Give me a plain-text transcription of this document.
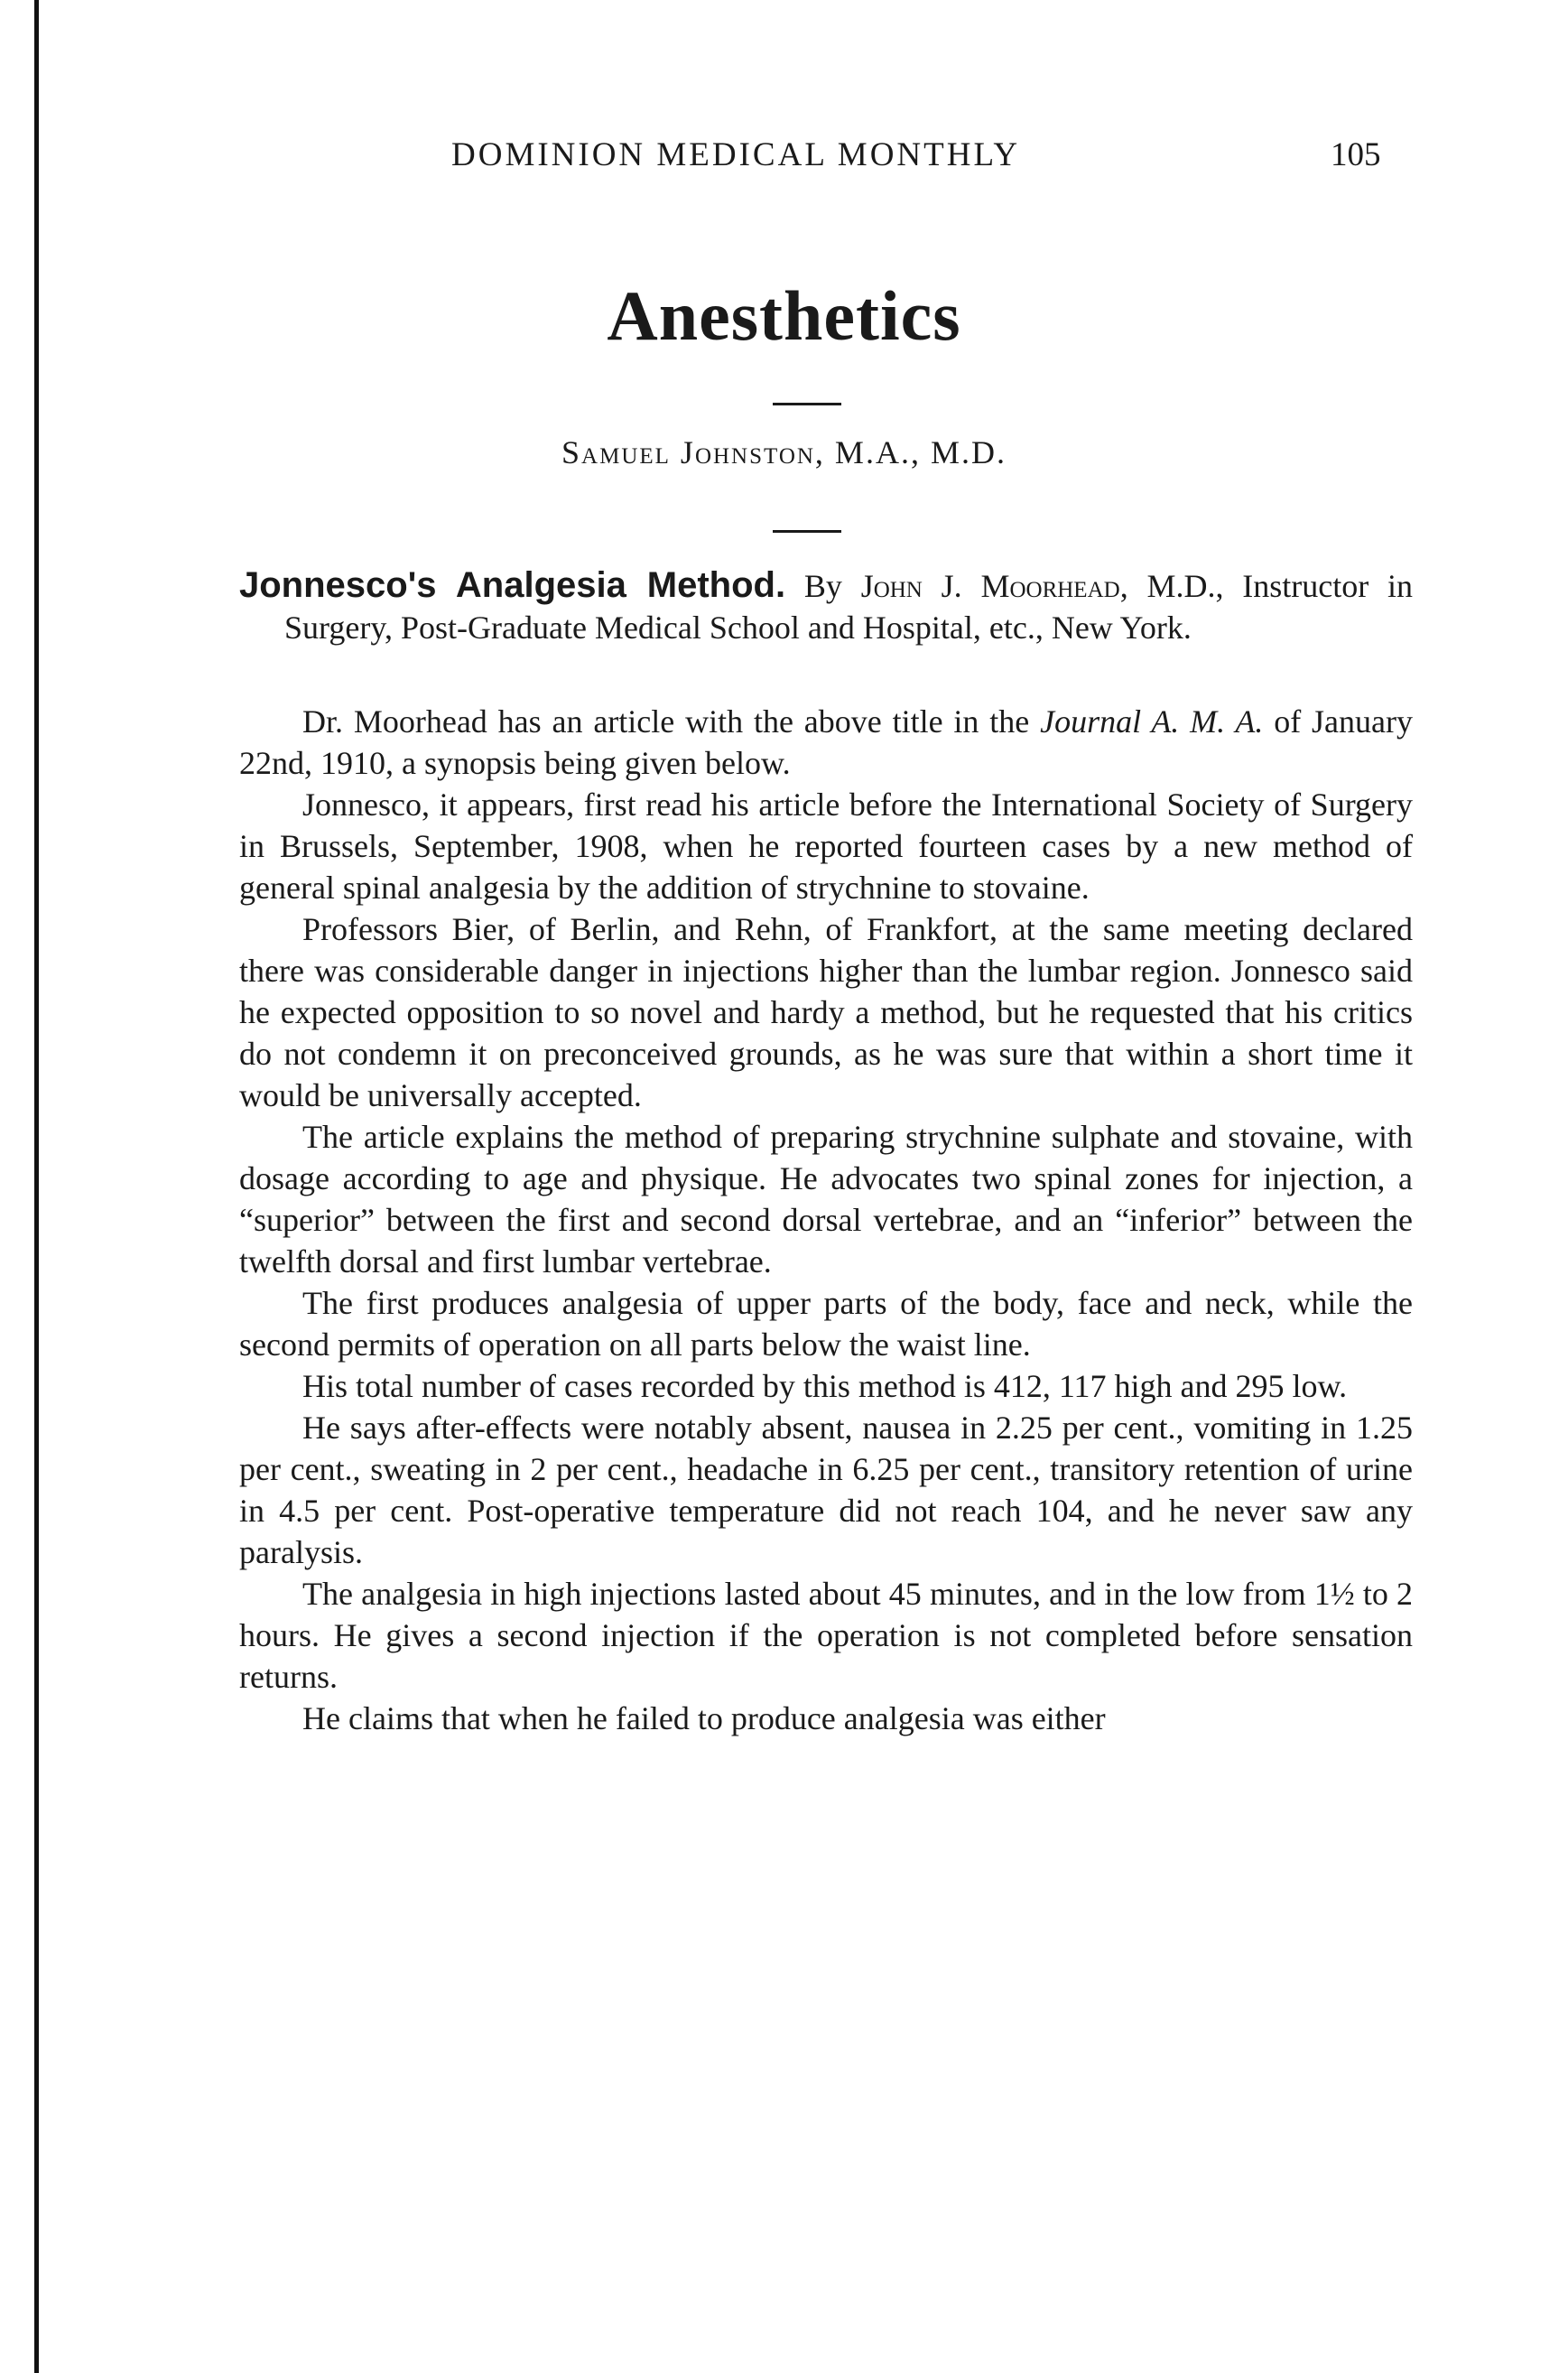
DOMINION MEDICAL MONTHLY	105
Anesthetics
Samuel Johnston, M.A., M.D.

Jonnesco's Analgesia Method. By John J. Moorhead, M.D., Instructor in Surgery, Post-Graduate Medical School and Hospital, etc., New York.

Dr. Moorhead has an article with the above title in the Journal A. M. A. of January 22nd, 1910, a synopsis being given below.

Jonnesco, it appears, first read his article before the International Society of Surgery in Brussels, September, 1908, when he reported fourteen cases by a new method of general spinal analgesia by the addition of strychnine to stovaine.

Professors Bier, of Berlin, and Rehn, of Frankfort, at the same meeting declared there was considerable danger in injections higher than the lumbar region. Jonnesco said he expected opposition to so novel and hardy a method, but he requested that his critics do not condemn it on preconceived grounds, as he was sure that within a short time it would be universally accepted.

The article explains the method of preparing strychnine sulphate and stovaine, with dosage according to age and physique. He advocates two spinal zones for injection, a “superior” between the first and second dorsal vertebrae, and an “inferior” between the twelfth dorsal and first lumbar vertebrae.

The first produces analgesia of upper parts of the body, face and neck, while the second permits of operation on all parts below the waist line.

His total number of cases recorded by this method is 412, 117 high and 295 low.

He says after-effects were notably absent, nausea in 2.25 per cent., vomiting in 1.25 per cent., sweating in 2 per cent., headache in 6.25 per cent., transitory retention of urine in 4.5 per cent. Post-operative temperature did not reach 104, and he never saw any paralysis.

The analgesia in high injections lasted about 45 minutes, and in the low from 1½ to 2 hours. He gives a second injection if the operation is not completed before sensation returns.

He claims that when he failed to produce analgesia was either
